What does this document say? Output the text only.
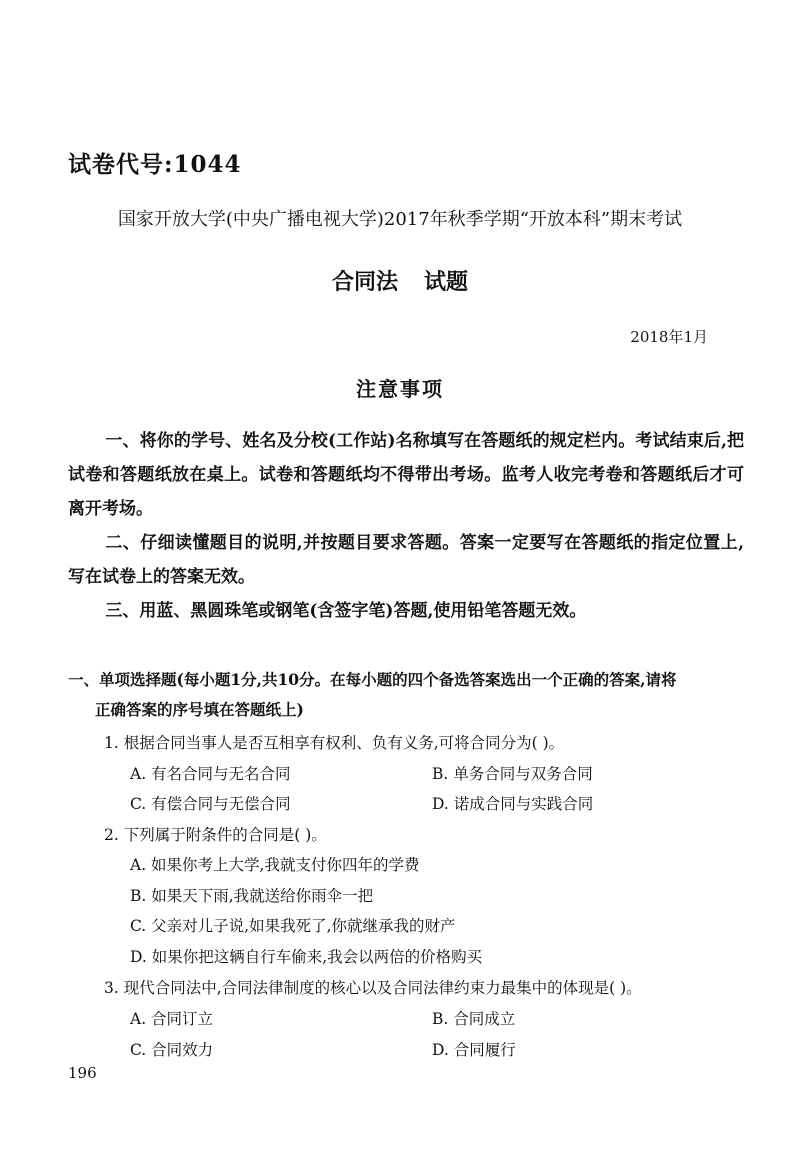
试卷代号:1044
国家开放大学(中央广播电视大学)2017年秋季学期“开放本科”期末考试
合同法 试题
2018年1月
注意事项

一、将你的学号、姓名及分校(工作站)名称填写在答题纸的规定栏内。考试结束后,把试卷和答题纸放在桌上。试卷和答题纸均不得带出考场。监考人收完考卷和答题纸后才可离开考场。

二、仔细读懂题目的说明,并按题目要求答题。答案一定要写在答题纸的指定位置上,写在试卷上的答案无效。

三、用蓝、黑圆珠笔或钢笔(含签字笔)答题,使用铅笔答题无效。

一、单项选择题(每小题1分,共10分。在每小题的四个备选答案选出一个正确的答案,请将
正确答案的序号填在答题纸上)
1. 根据合同当事人是否互相享有权利、负有义务,可将合同分为( )。
A. 有名合同与无名合同	B. 单务合同与双务合同
C. 有偿合同与无偿合同	D. 诺成合同与实践合同
2. 下列属于附条件的合同是( )。
A. 如果你考上大学,我就支付你四年的学费
B. 如果天下雨,我就送给你雨伞一把
C. 父亲对儿子说,如果我死了,你就继承我的财产
D. 如果你把这辆自行车偷来,我会以两倍的价格购买
3. 现代合同法中,合同法律制度的核心以及合同法律约束力最集中的体现是( )。
A. 合同订立	B. 合同成立
C. 合同效力	D. 合同履行
196
